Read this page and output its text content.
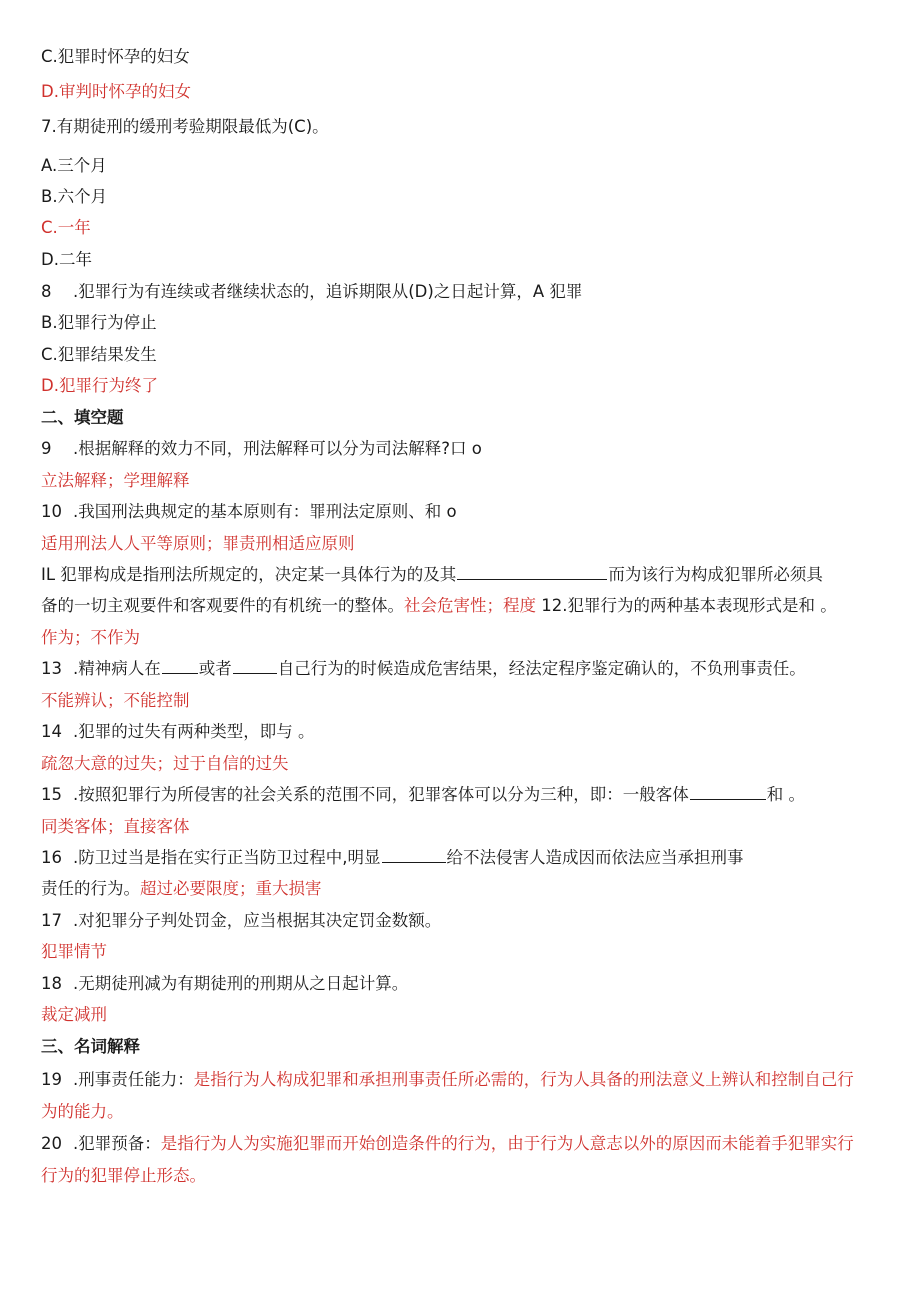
C.犯罪时怀孕的妇女
D.审判时怀孕的妇女
7.有期徒刑的缓刑考验期限最低为(C)。
A.三个月
B.六个月
C.一年
D.二年
8 .犯罪行为有连续或者继续状态的，追诉期限从(D)之日起计算，A 犯罪
B.犯罪行为停止
C.犯罪结果发生
D.犯罪行为终了
二、填空题
9 .根据解释的效力不同，刑法解释可以分为司法解释?口 o
立法解释；学理解释
10 .我国刑法典规定的基本原则有：罪刑法定原则、和 o
适用刑法人人平等原则；罪责刑相适应原则
IL 犯罪构成是指刑法所规定的，决定某一具体行为的及其	而为该行为构成犯罪所必须具
备的一切主观要件和客观要件的有机统一的整体。社会危害性；程度 12.犯罪行为的两种基本表现形式是和 。
作为；不作为
13 .精神病人在 或者	自己行为的时候造成危害结果，经法定程序鉴定确认的，不负刑事责任。
不能辨认；不能控制
14 .犯罪的过失有两种类型，即与 。
疏忽大意的过失；过于自信的过失
15 .按照犯罪行为所侵害的社会关系的范围不同，犯罪客体可以分为三种，即：一般客体	和 。
同类客体；直接客体
16 .防卫过当是指在实行正当防卫过程中,明显	给不法侵害人造成因而依法应当承担刑事
责任的行为。超过必要限度；重大损害
17 .对犯罪分子判处罚金，应当根据其决定罚金数额。
犯罪情节
18 .无期徒刑减为有期徒刑的刑期从之日起计算。
裁定减刑
三、名词解释
19 .刑事责任能力：是指行为人构成犯罪和承担刑事责任所必需的，行为人具备的刑法意义上辨认和控制自己行
为的能力。
20 .犯罪预备：是指行为人为实施犯罪而开始创造条件的行为，由于行为人意志以外的原因而未能着手犯罪实行
行为的犯罪停止形态。
